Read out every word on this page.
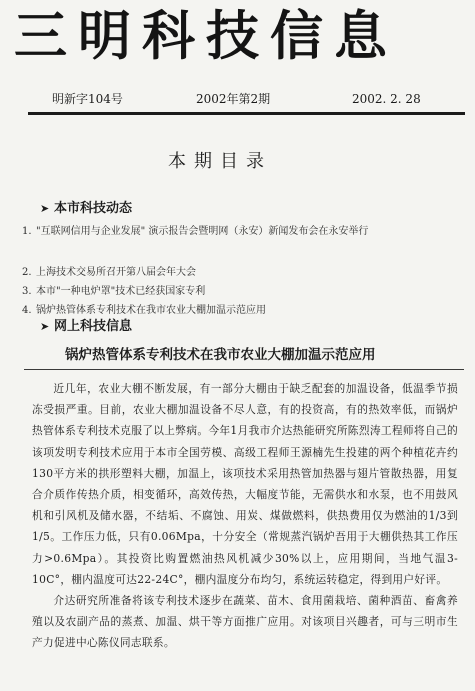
三明科技信息
明新字104号	2002年第2期	2002. 2. 28
本期目录
➤ 本市科技动态
1. "互联网信用与企业发展" 演示报告会暨明网（永安）新闻发布会在永安举行
2. 上海技术交易所召开第八届会年大会
3. 本市"一种电炉罩"技术已经获国家专利
4. 锅炉热管体系专利技术在我市农业大棚加温示范应用
➤ 网上科技信息
锅炉热管体系专利技术在我市农业大棚加温示范应用

近几年，农业大棚不断发展，有一部分大棚由于缺乏配套的加温设备，低温季节损冻受损严重。目前，农业大棚加温设备不尽人意，有的投资高，有的热效率低，而锅炉热管体系专利技术克服了以上弊病。今年1月我市介达热能研究所陈烈涛工程师将自己的该项发明专利技术应用于本市全国劳模、高级工程师王源楠先生投建的两个种植花卉约130平方米的拱形塑料大棚，加温上，该项技术采用热管加热器与翅片管散热器，用复合介质作传热介质，相变循环，高效传热，大幅度节能，无需供水和水泵，也不用鼓风机和引风机及储水器，不结垢、不腐蚀、用炭、煤做燃料，供热费用仅为燃油的1/3到1/5。工作压力低，只有0.06Mpa，十分安全（常规蒸汽锅炉吾用于大棚供热其工作压力>0.6Mpa）。其投资比购置燃油热风机减少30%以上，应用期间，当地气温3-10C°，棚内温度可达22-24C°，棚内温度分布均匀，系统运转稳定，得到用户好评。

介达研究所准备将该专利技术逐步在蔬菜、苗木、食用菌栽培、菌种酒苗、畜禽养殖以及农副产品的蒸煮、加温、烘干等方面推广应用。对该项目兴趣者，可与三明市生产力促进中心陈仪同志联系。
